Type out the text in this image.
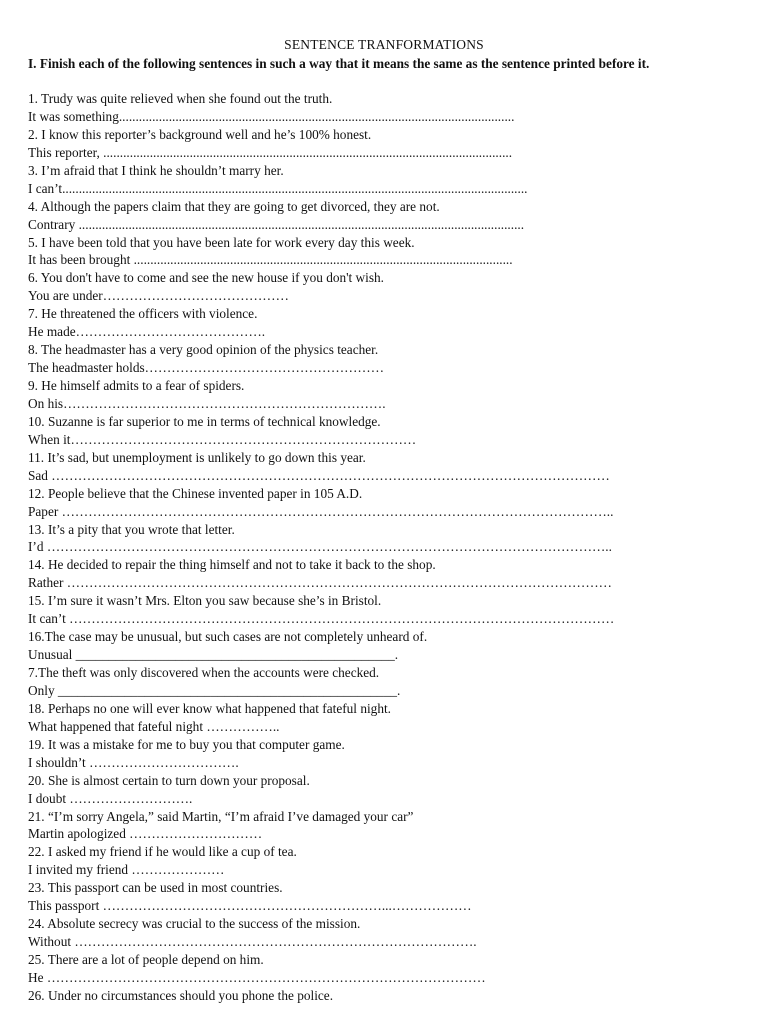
SENTENCE TRANFORMATIONS
I. Finish each of the following sentences in such a way that it means the same as the sentence printed before it.
1. Trudy was quite relieved when she found out the truth.
It was something.......................................................................................................................
2. I know this reporter’s background well and he’s 100% honest.
This reporter, ...........................................................................................................................
3. I’m afraid that I think he shouldn’t marry her.
I can’t............................................................................................................................................
4. Although the papers claim that they are going to get divorced, they are not.
Contrary ......................................................................................................................................
5. I have been told that you have been late for work every day this week.
It has been brought ..................................................................................................................
6. You don't have to come and see the new house if you don't wish.
You are under……………………………………
7. He threatened the officers with violence.
He made…………………………………….
8. The headmaster has a very good opinion of the physics teacher.
The headmaster holds………………………………………………
9. He himself admits to a fear of spiders.
On his……………………………………………………………….
10. Suzanne is far superior to me in terms of technical knowledge.
When it……………………………………………………………………
11. It’s sad, but unemployment is unlikely to go down this year.
Sad ………………………………………………………………………………………………………………
12. People believe that the Chinese invented paper in 105 A.D.
Paper ……………………………………………………………………………………………………………..
13. It’s a pity that you wrote that letter.
I’d ………………………………………………………………………………………………………………..
14. He decided to repair the thing himself and not to take it back to the shop.
Rather ……………………………………………………………………………………………………………
15. I’m sure it wasn’t Mrs. Elton you saw because she’s in Bristol.
It can’t ……………………………………………………………………………………………………………
16.The case may be unusual, but such cases are not completely unheard of.
Unusual ________________________________________________.
7.The theft was only discovered when the accounts were checked.
Only ___________________________________________________.
18. Perhaps no one will ever know what happened that fateful night.
What happened that fateful night ……………..
19. It was a mistake for me to buy you that computer game.
I shouldn’t …………………………….
20. She is almost certain to turn down your proposal.
I doubt ……………………….
21. “I’m sorry Angela,” said Martin, “I’m afraid I’ve damaged your car”
Martin apologized …………………………
22. I asked my friend if he would like a cup of tea.
I invited my friend …………………
23. This passport can be used in most countries.
This passport ………………………………………………………...………………
24. Absolute secrecy was crucial to the success of the mission.
Without ……………………………………………………………………………….
25. There are a lot of people depend on him.
He ………………………………………………………………………………………
26. Under no circumstances should you phone the police.
